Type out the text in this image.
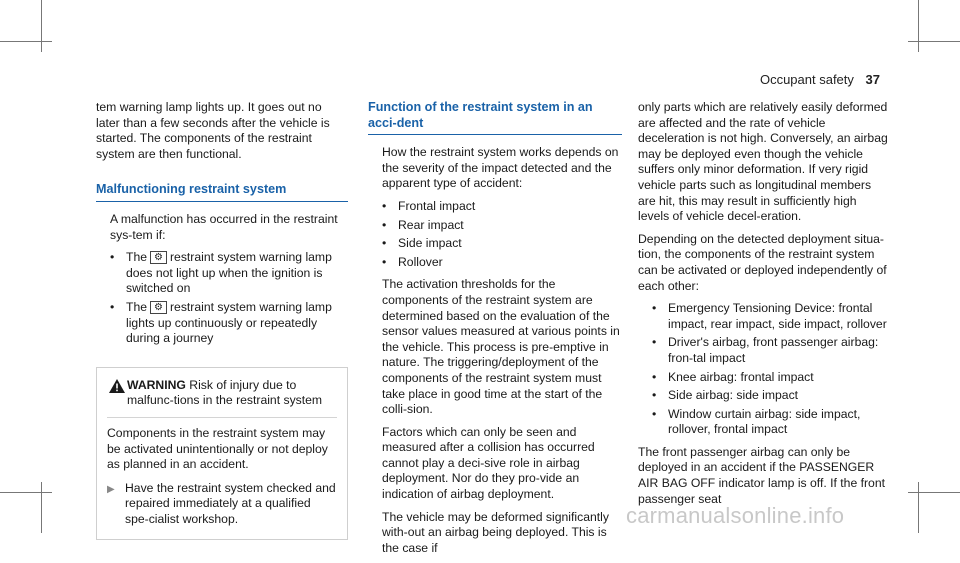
Occupant safety 37

tem warning lamp lights up. It goes out no later than a few seconds after the vehicle is started. The components of the restraint system are then functional.

Malfunctioning restraint system

A malfunction has occurred in the restraint sys‐tem if:

• The ⚙ restraint system warning lamp does not light up when the ignition is switched on
• The ⚙ restraint system warning lamp lights up continuously or repeatedly during a journey
WARNING Risk of injury due to malfunc‐tions in the restraint system

Components in the restraint system may be activated unintentionally or not deploy as planned in an accident.

▶ Have the restraint system checked and repaired immediately at a qualified spe‐cialist workshop.
Function of the restraint system in an acci‐dent

How the restraint system works depends on the severity of the impact detected and the apparent type of accident:

• Frontal impact
• Rear impact
• Side impact
• Rollover

The activation thresholds for the components of the restraint system are determined based on the evaluation of the sensor values measured at various points in the vehicle. This process is pre‐emptive in nature. The triggering/deployment of the components of the restraint system must take place in good time at the start of the colli‐sion.

Factors which can only be seen and measured after a collision has occurred cannot play a deci‐sive role in airbag deployment. Nor do they pro‐vide an indication of airbag deployment.

The vehicle may be deformed significantly with‐out an airbag being deployed. This is the case if

only parts which are relatively easily deformed are affected and the rate of vehicle deceleration is not high. Conversely, an airbag may be deployed even though the vehicle suffers only minor deformation. If very rigid vehicle parts such as longitudinal members are hit, this may result in sufficiently high levels of vehicle decel‐eration.

Depending on the detected deployment situa‐tion, the components of the restraint system can be activated or deployed independently of each other:

• Emergency Tensioning Device: frontal impact, rear impact, side impact, rollover
• Driver's airbag, front passenger airbag: fron‐tal impact
• Knee airbag: frontal impact
• Side airbag: side impact
• Window curtain airbag: side impact, rollover, frontal impact

The front passenger airbag can only be deployed in an accident if the PASSENGER AIR BAG OFF indicator lamp is off. If the front passenger seat

carmanualsonline.info
